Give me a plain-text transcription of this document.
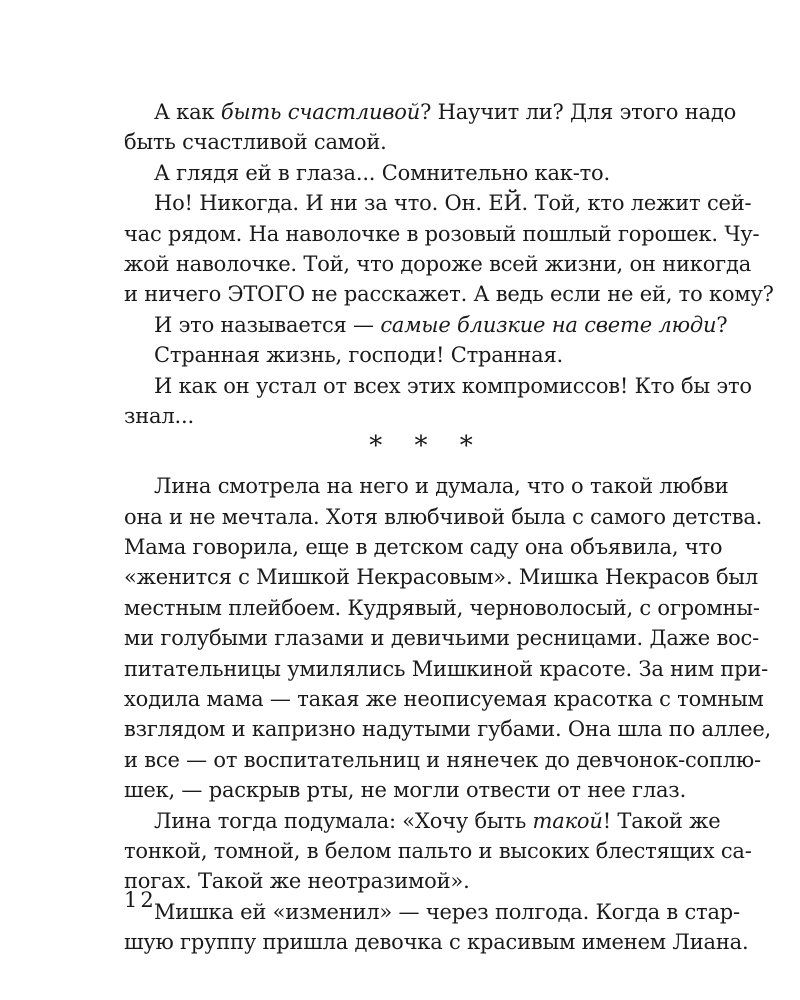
А как быть счастливой? Научит ли? Для этого надо
быть счастливой самой.
А глядя ей в глаза... Сомнительно как-то.
Но! Никогда. И ни за что. Он. ЕЙ. Той, кто лежит сей-
час рядом. На наволочке в розовый пошлый горошек. Чу-
жой наволочке. Той, что дороже всей жизни, он никогда
и ничего ЭТОГО не расскажет. А ведь если не ей, то кому?
И это называется — самые близкие на свете люди?
Странная жизнь, господи! Странная.
И как он устал от всех этих компромиссов! Кто бы это
знал...
* * *
Лина смотрела на него и думала, что о такой любви
она и не мечтала. Хотя влюбчивой была с самого детства.
Мама говорила, еще в детском саду она объявила, что
«женится с Мишкой Некрасовым». Мишка Некрасов был
местным плейбоем. Кудрявый, черноволосый, с огромны-
ми голубыми глазами и девичьими ресницами. Даже вос-
питательницы умилялись Мишкиной красоте. За ним при-
ходила мама — такая же неописуемая красотка с томным
взглядом и капризно надутыми губами. Она шла по аллее,
и все — от воспитательниц и нянечек до девчонок-соплю-
шек, — раскрыв рты, не могли отвести от нее глаз.
Лина тогда подумала: «Хочу быть такой! Такой же
тонкой, томной, в белом пальто и высоких блестящих са-
погах. Такой же неотразимой».
Мишка ей «изменил» — через полгода. Когда в стар-
шую группу пришла девочка с красивым именем Лиана.
12
